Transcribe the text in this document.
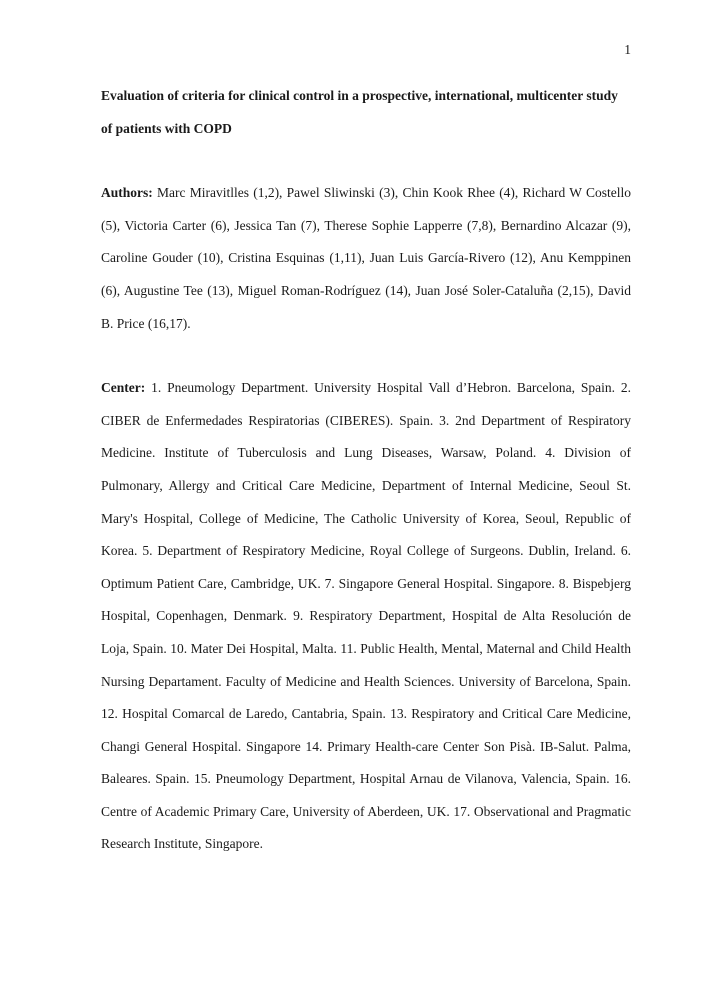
1

Evaluation of criteria for clinical control in a prospective, international, multicenter study of patients with COPD

Authors: Marc Miravitlles (1,2), Pawel Sliwinski (3), Chin Kook Rhee (4), Richard W Costello (5), Victoria Carter (6), Jessica Tan (7), Therese Sophie Lapperre (7,8), Bernardino Alcazar (9), Caroline Gouder (10), Cristina Esquinas (1,11), Juan Luis García-Rivero (12), Anu Kemppinen (6), Augustine Tee (13), Miguel Roman-Rodríguez (14), Juan José Soler-Cataluña (2,15), David B. Price (16,17).

Center: 1. Pneumology Department. University Hospital Vall d’Hebron. Barcelona, Spain. 2. CIBER de Enfermedades Respiratorias (CIBERES). Spain. 3. 2nd Department of Respiratory Medicine. Institute of Tuberculosis and Lung Diseases, Warsaw, Poland. 4. Division of Pulmonary, Allergy and Critical Care Medicine, Department of Internal Medicine, Seoul St. Mary's Hospital, College of Medicine, The Catholic University of Korea, Seoul, Republic of Korea. 5. Department of Respiratory Medicine, Royal College of Surgeons. Dublin, Ireland. 6. Optimum Patient Care, Cambridge, UK. 7. Singapore General Hospital. Singapore. 8. Bispebjerg Hospital, Copenhagen, Denmark. 9. Respiratory Department, Hospital de Alta Resolución de Loja, Spain. 10. Mater Dei Hospital, Malta. 11. Public Health, Mental, Maternal and Child Health Nursing Departament. Faculty of Medicine and Health Sciences. University of Barcelona, Spain. 12. Hospital Comarcal de Laredo, Cantabria, Spain. 13. Respiratory and Critical Care Medicine, Changi General Hospital. Singapore 14. Primary Health-care Center Son Pisà. IB-Salut. Palma, Baleares. Spain. 15. Pneumology Department, Hospital Arnau de Vilanova, Valencia, Spain. 16. Centre of Academic Primary Care, University of Aberdeen, UK. 17. Observational and Pragmatic Research Institute, Singapore.
